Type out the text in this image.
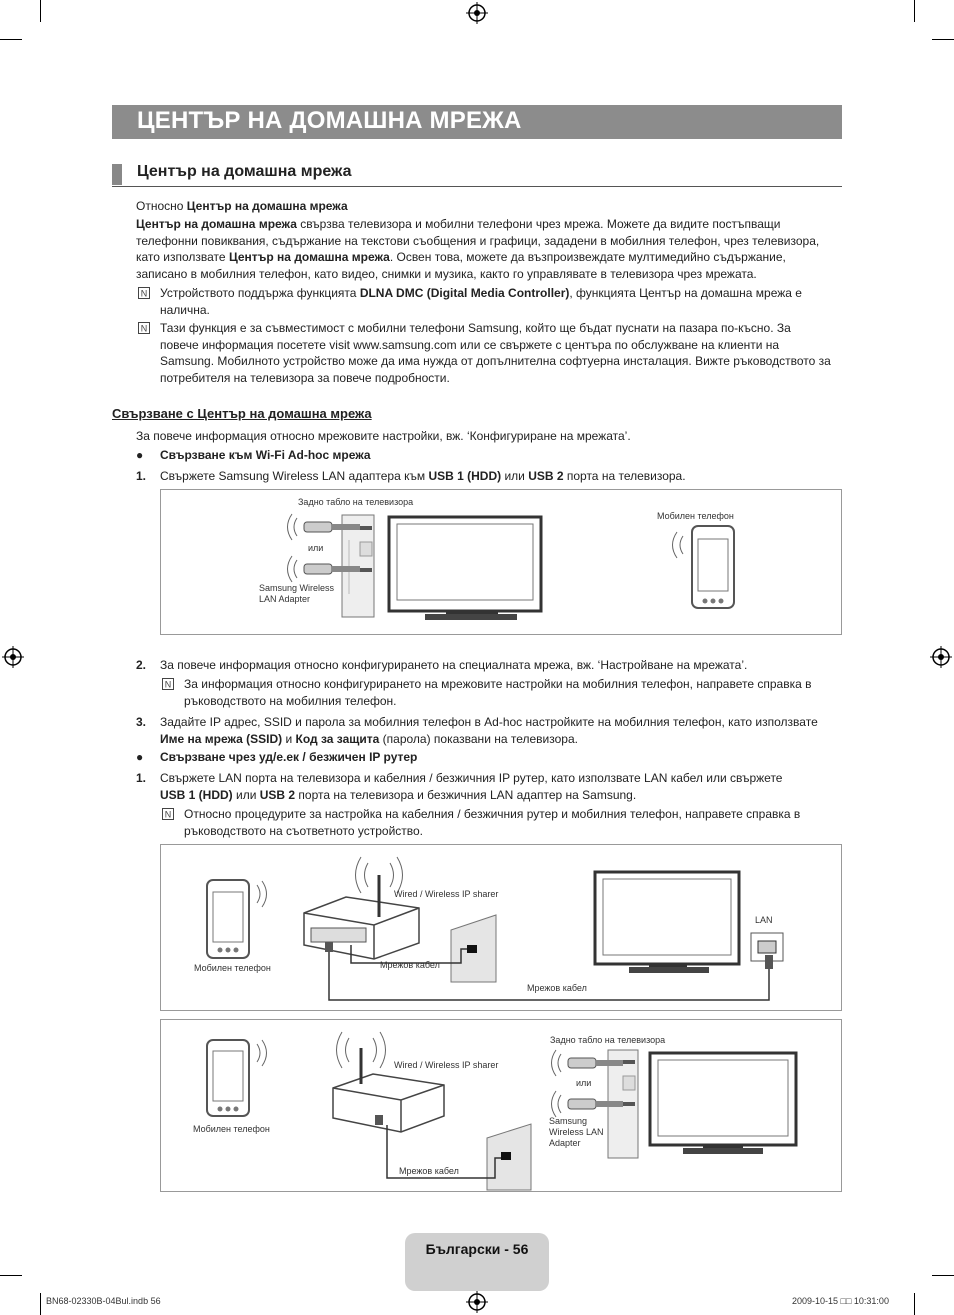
ЦЕНТЪР НА ДОМАШНА МРЕЖА
Център на домашна мрежа
Относно Център на домашна мрежа
Център на домашна мрежа свързва телевизора и мобилни телефони чрез мрежа. Можете да видите постъпващи
телефонни повиквания, съдържание на текстови съобщения и графици, зададени в мобилния телефон, чрез телевизора,
като използвате Център на домашна мрежа. Освен това, можете да възпроизвеждате мултимедийно съдържание,
записано в мобилния телефон, като видео, снимки и музика, както го управлявате в телевизора чрез мрежата.
N Устройството поддържа функцията DLNA DMC (Digital Media Controller), функцията Център на домашна мрежа е
налична.
N Тази функция е за съвместимост с мобилни телефони Samsung, който ще бъдат пуснати на пазара по-късно. За
повече информация посетете visit www.samsung.com или се свържете с центъра по обслужване на клиенти на
Samsung. Мобилното устройство може да има нужда от допълнителна софтуерна инсталация. Вижте ръководството за
потребителя на телевизора за повече подробности.
Свързване с Център на домашна мрежа
За повече информация относно мрежовите настройки, вж. ‘Конфигуриране на мрежата’.
● Свързване към Wi-Fi Ad-hoc мрежа
1. Свържете Samsung Wireless LAN адаптера към USB 1 (HDD) или USB 2 порта на телевизора.
Задно табло на телевизора
или
Samsung Wireless
LAN Adapter
Мобилен телефон
2. За повече информация относно конфигурирането на специалната мрежа, вж. ‘Настройване на мрежата’.
N За информация относно конфигурирането на мрежовите настройки на мобилния телефон, направете справка в
ръководството на мобилния телефон.
3. Задайте IP адрес, SSID и парола за мобилния телефон в Ad-hoc настройките на мобилния телефон, като използвате
Име на мрежа (SSID) и Код за защита (парола) показвани на телевизора.
● Свързване чрез уд/е.ек / безжичен IP рутер
1. Свържете LAN порта на телевизора и кабелния / безжичния IP рутер, като използвате LAN кабел или свържете
USB 1 (HDD) или USB 2 порта на телевизора и безжичния LAN адаптер на Samsung.
N Относно процедурите за настройка на кабелния / безжичния рутер и мобилния телефон, направете справка в
ръководството на съответното устройство.
Wired / Wireless IP sharer
LAN
Мобилен телефон	Мрежов кабел
Мрежов кабел
Wired / Wireless IP sharer
Задно табло на телевизора
или
Samsung
Wireless LAN
Adapter
Мобилен телефон
Мрежов кабел
Български - 56
BN68-02330B-04Bul.indb 56	2009-10-15 □□ 10:31:00
